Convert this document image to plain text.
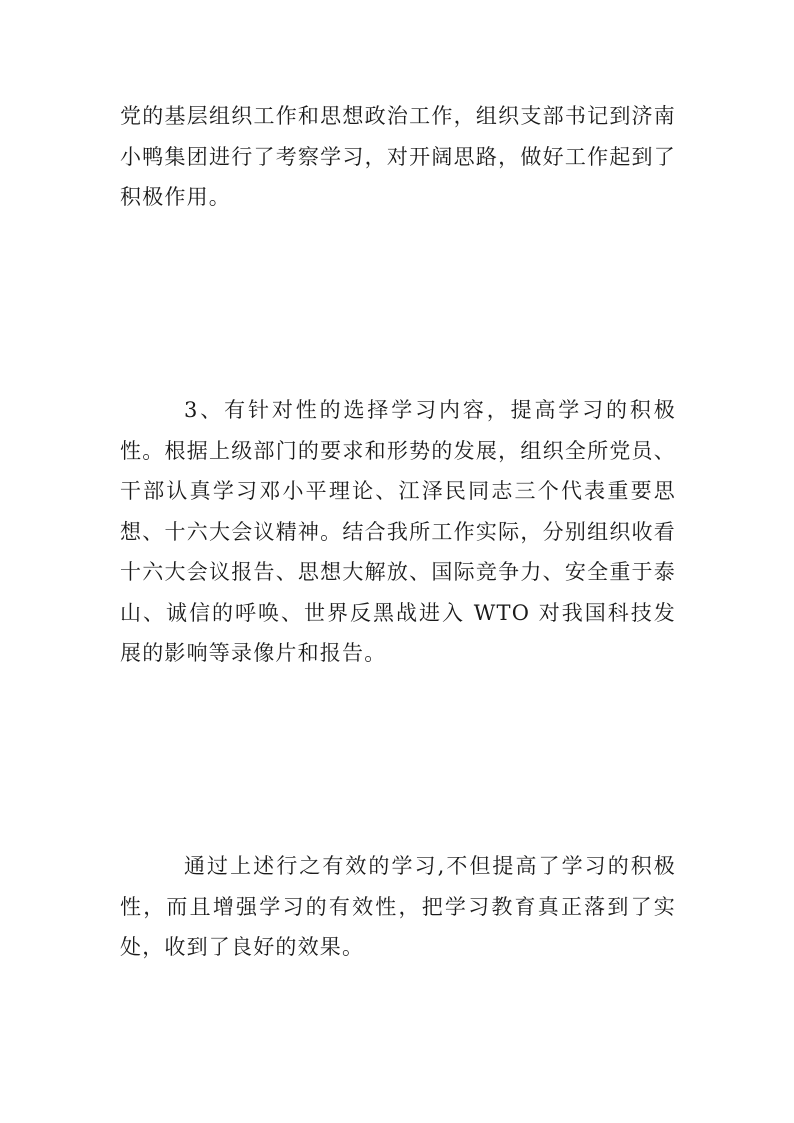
党的基层组织工作和思想政治工作，组织支部书记到济南小鸭集团进行了考察学习，对开阔思路，做好工作起到了积极作用。

3、有针对性的选择学习内容，提高学习的积极性。根据上级部门的要求和形势的发展，组织全所党员、干部认真学习邓小平理论、江泽民同志三个代表重要思想、十六大会议精神。结合我所工作实际，分别组织收看十六大会议报告、思想大解放、国际竞争力、安全重于泰山、诚信的呼唤、世界反黑战进入 WTO 对我国科技发展的影响等录像片和报告。

通过上述行之有效的学习,不但提高了学习的积极性，而且增强学习的有效性，把学习教育真正落到了实处，收到了良好的效果。
